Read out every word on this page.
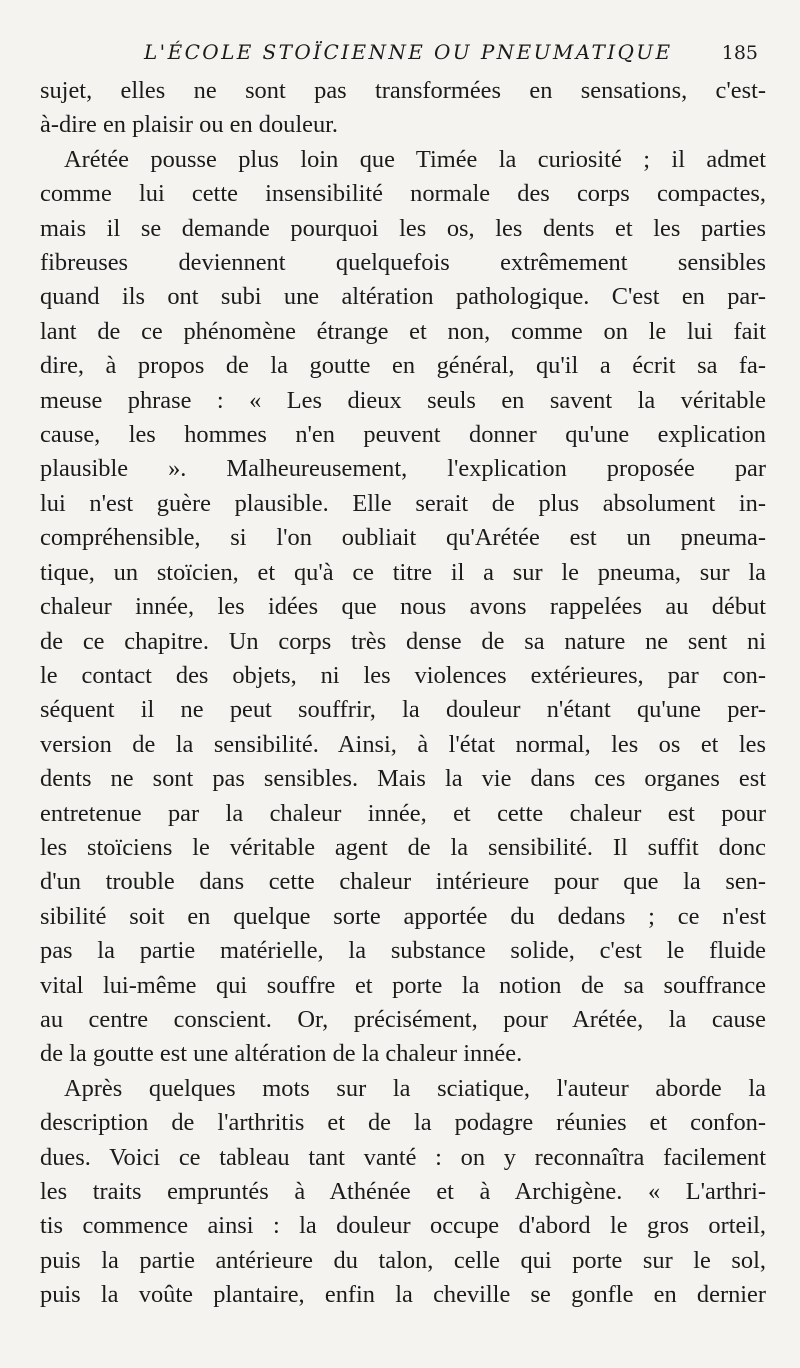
L'ÉCOLE STOÏCIENNE OU PNEUMATIQUE	185
sujet, elles ne sont pas transformées en sensations, c'est-
à-dire en plaisir ou en douleur.
Arétée pousse plus loin que Timée la curiosité ; il admet
comme lui cette insensibilité normale des corps compactes,
mais il se demande pourquoi les os, les dents et les parties
fibreuses deviennent quelquefois extrêmement sensibles
quand ils ont subi une altération pathologique. C'est en par-
lant de ce phénomène étrange et non, comme on le lui fait
dire, à propos de la goutte en général, qu'il a écrit sa fa-
meuse phrase : « Les dieux seuls en savent la véritable
cause, les hommes n'en peuvent donner qu'une explication
plausible ». Malheureusement, l'explication proposée par
lui n'est guère plausible. Elle serait de plus absolument in-
compréhensible, si l'on oubliait qu'Arétée est un pneuma-
tique, un stoïcien, et qu'à ce titre il a sur le pneuma, sur la
chaleur innée, les idées que nous avons rappelées au début
de ce chapitre. Un corps très dense de sa nature ne sent ni
le contact des objets, ni les violences extérieures, par con-
séquent il ne peut souffrir, la douleur n'étant qu'une per-
version de la sensibilité. Ainsi, à l'état normal, les os et les
dents ne sont pas sensibles. Mais la vie dans ces organes est
entretenue par la chaleur innée, et cette chaleur est pour
les stoïciens le véritable agent de la sensibilité. Il suffit donc
d'un trouble dans cette chaleur intérieure pour que la sen-
sibilité soit en quelque sorte apportée du dedans ; ce n'est
pas la partie matérielle, la substance solide, c'est le fluide
vital lui-même qui souffre et porte la notion de sa souffrance
au centre conscient. Or, précisément, pour Arétée, la cause
de la goutte est une altération de la chaleur innée.
Après quelques mots sur la sciatique, l'auteur aborde la
description de l'arthritis et de la podagre réunies et confon-
dues. Voici ce tableau tant vanté : on y reconnaîtra facilement
les traits empruntés à Athénée et à Archigène. « L'arthri-
tis commence ainsi : la douleur occupe d'abord le gros orteil,
puis la partie antérieure du talon, celle qui porte sur le sol,
puis la voûte plantaire, enfin la cheville se gonfle en dernier
